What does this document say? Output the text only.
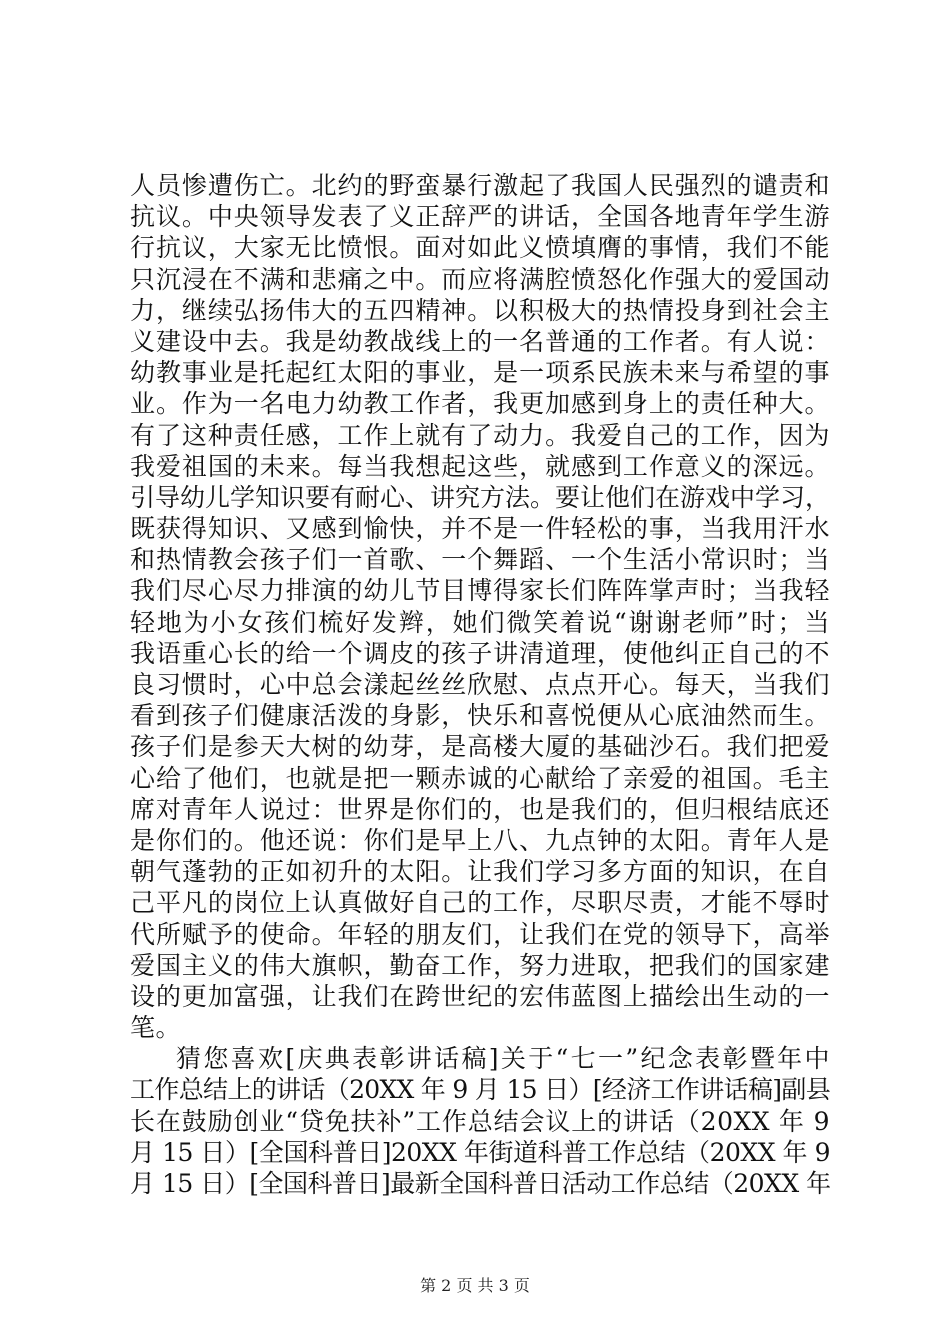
人员惨遭伤亡。北约的野蛮暴行激起了我国人民强烈的谴责和
抗议。中央领导发表了义正辞严的讲话，全国各地青年学生游
行抗议，大家无比愤恨。面对如此义愤填膺的事情，我们不能
只沉浸在不满和悲痛之中。而应将满腔愤怒化作强大的爱国动
力，继续弘扬伟大的五四精神。以积极大的热情投身到社会主
义建设中去。我是幼教战线上的一名普通的工作者。有人说：
幼教事业是托起红太阳的事业，是一项系民族未来与希望的事
业。作为一名电力幼教工作者，我更加感到身上的责任种大。
有了这种责任感，工作上就有了动力。我爱自己的工作，因为
我爱祖国的未来。每当我想起这些，就感到工作意义的深远。
引导幼儿学知识要有耐心、讲究方法。要让他们在游戏中学习，
既获得知识、又感到愉快，并不是一件轻松的事，当我用汗水
和热情教会孩子们一首歌、一个舞蹈、一个生活小常识时；当
我们尽心尽力排演的幼儿节目博得家长们阵阵掌声时；当我轻
轻地为小女孩们梳好发辫，她们微笑着说“谢谢老师”时；当
我语重心长的给一个调皮的孩子讲清道理，使他纠正自己的不
良习惯时，心中总会漾起丝丝欣慰、点点开心。每天，当我们
看到孩子们健康活泼的身影，快乐和喜悦便从心底油然而生。
孩子们是参天大树的幼芽，是高楼大厦的基础沙石。我们把爱
心给了他们，也就是把一颗赤诚的心献给了亲爱的祖国。毛主
席对青年人说过：世界是你们的，也是我们的，但归根结底还
是你们的。他还说：你们是早上八、九点钟的太阳。青年人是
朝气蓬勃的正如初升的太阳。让我们学习多方面的知识，在自
己平凡的岗位上认真做好自己的工作，尽职尽责，才能不辱时
代所赋予的使命。年轻的朋友们，让我们在党的领导下，高举
爱国主义的伟大旗帜，勤奋工作，努力进取，把我们的国家建
设的更加富强，让我们在跨世纪的宏伟蓝图上描绘出生动的一
笔。
猜您喜欢[庆典表彰讲话稿]关于“七一”纪念表彰暨年中
工作总结上的讲话（20XX 年 9 月 15 日）[经济工作讲话稿]副县
长在鼓励创业“贷免扶补”工作总结会议上的讲话（20XX 年 9
月 15 日）[全国科普日]20XX 年街道科普工作总结（20XX 年 9
月 15 日）[全国科普日]最新全国科普日活动工作总结（20XX 年
第 2 页 共 3 页
